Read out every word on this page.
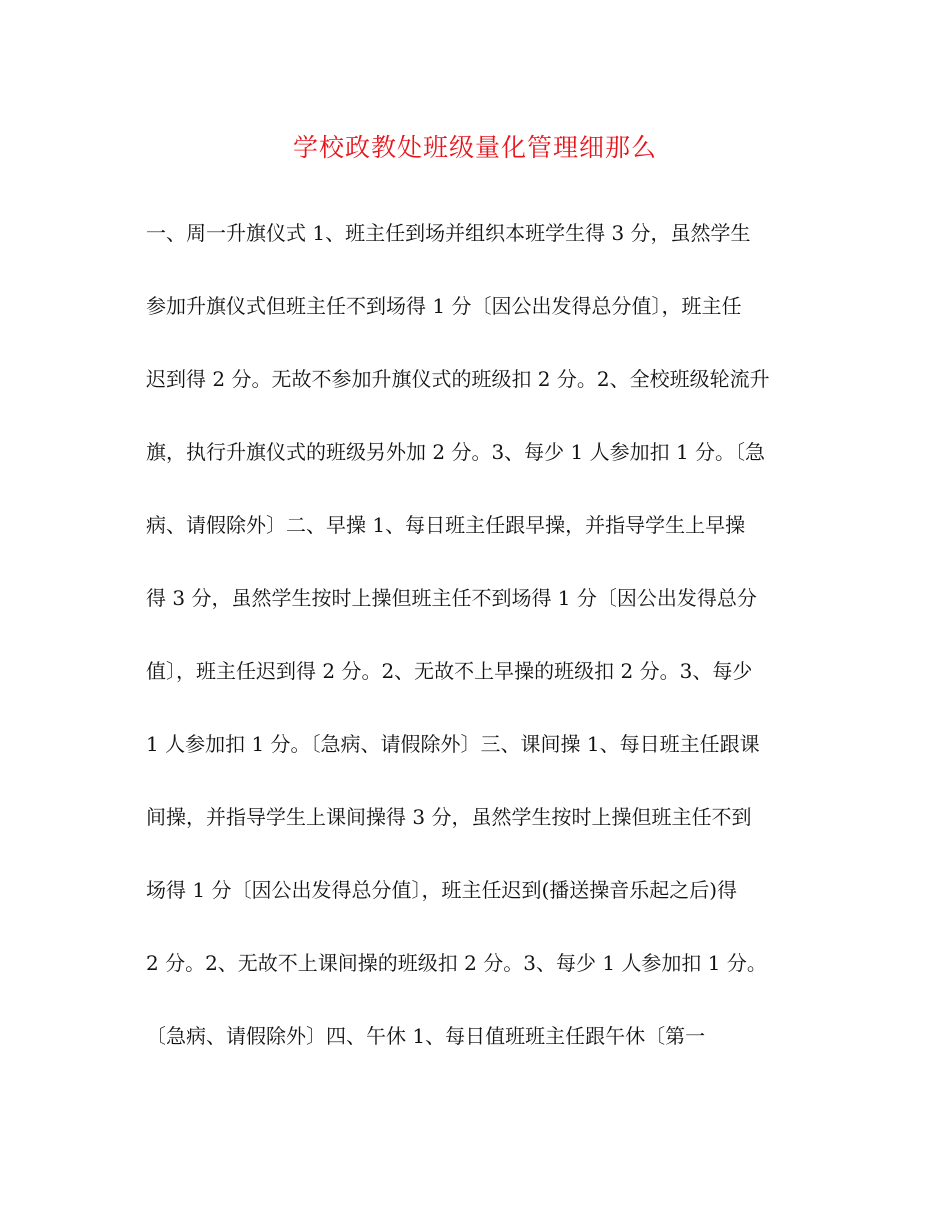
学校政教处班级量化管理细那么
一、周一升旗仪式 1、班主任到场并组织本班学生得 3 分，虽然学生
参加升旗仪式但班主任不到场得 1 分〔因公出发得总分值〕，班主任
迟到得 2 分。无故不参加升旗仪式的班级扣 2 分。2、全校班级轮流升
旗，执行升旗仪式的班级另外加 2 分。3、每少 1 人参加扣 1 分。〔急
病、请假除外〕二、早操 1、每日班主任跟早操，并指导学生上早操
得 3 分，虽然学生按时上操但班主任不到场得 1 分〔因公出发得总分
值〕，班主任迟到得 2 分。2、无故不上早操的班级扣 2 分。3、每少
1 人参加扣 1 分。〔急病、请假除外〕三、课间操 1、每日班主任跟课
间操，并指导学生上课间操得 3 分，虽然学生按时上操但班主任不到
场得 1 分〔因公出发得总分值〕，班主任迟到(播送操音乐起之后)得
2 分。2、无故不上课间操的班级扣 2 分。3、每少 1 人参加扣 1 分。
〔急病、请假除外〕四、午休 1、每日值班班主任跟午休〔第一
